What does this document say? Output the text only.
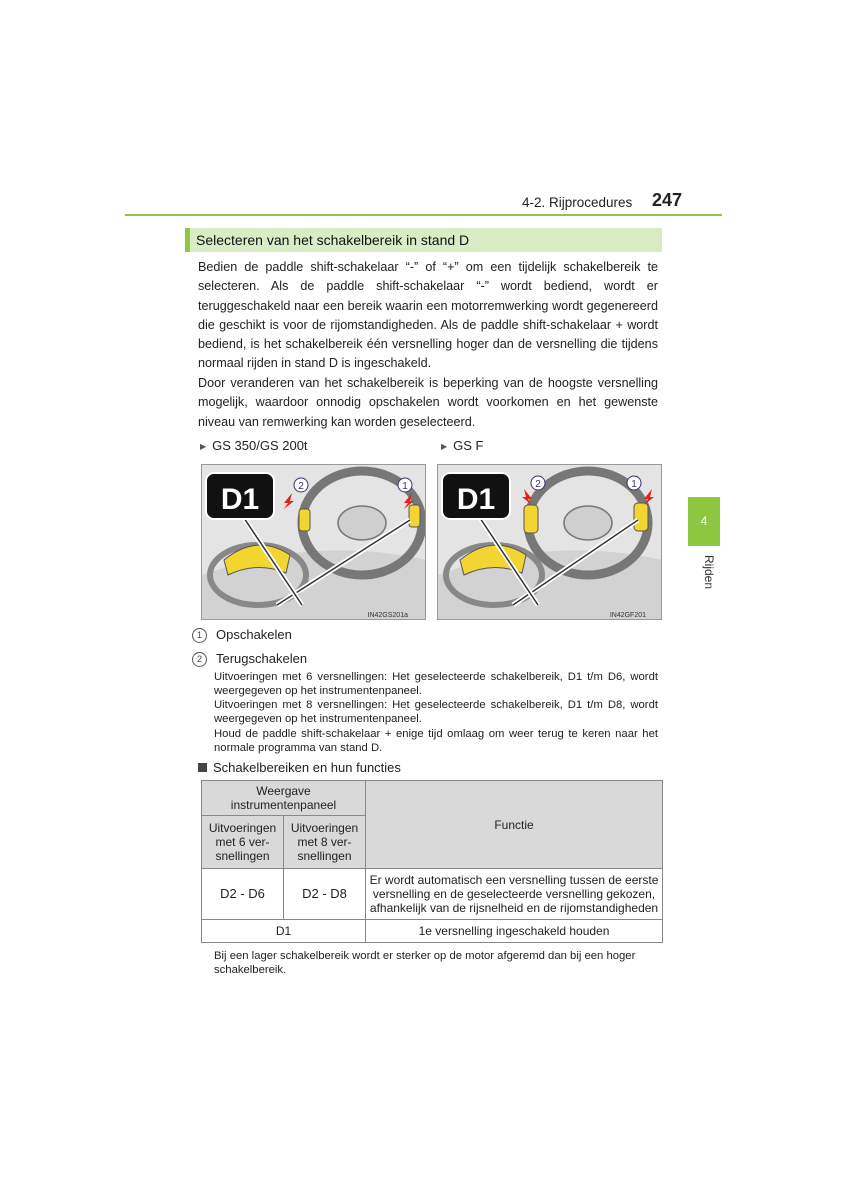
4-2. Rijprocedures 247
4
Rijden
Selecteren van het schakelbereik in stand D
Bedien de paddle shift-schakelaar “-” of “+” om een tijdelijk schakelbereik te selecteren. Als de paddle shift-schakelaar “-” wordt bediend, wordt er teruggeschakeld naar een bereik waarin een motorremwerking wordt gegenereerd die geschikt is voor de rijomstandigheden. Als de paddle shift-schakelaar + wordt bediend, is het schakelbereik één versnelling hoger dan de versnelling die tijdens normaal rijden in stand D is ingeschakeld.
Door veranderen van het schakelbereik is beperking van de hoogste versnelling mogelijk, waardoor onnodig opschakelen wordt voorkomen en het gewenste niveau van remwerking kan worden geselecteerd.
▶ GS 350/GS 200t	▶ GS F
2	1
D1
IN42GS201a
2	1
D1
IN42GF201
1 Opschakelen
2 Terugschakelen
Uitvoeringen met 6 versnellingen: Het geselecteerde schakelbereik, D1 t/m D6, wordt weergegeven op het instrumentenpaneel.
Uitvoeringen met 8 versnellingen: Het geselecteerde schakelbereik, D1 t/m D8, wordt weergegeven op het instrumentenpaneel.
Houd de paddle shift-schakelaar + enige tijd omlaag om weer terug te keren naar het normale programma van stand D.
Schakelbereiken en hun functies
Weergave instrumentenpaneel		Functie
Uitvoeringen met 6 ver-snellingen	Uitvoeringen met 8 ver-snellingen	
D2 - D6	D2 - D8	Er wordt automatisch een versnelling tussen de eerste versnelling en de geselecteerde versnelling gekozen, afhankelijk van de rijsnelheid en de rijomstandigheden
D1		1e versnelling ingeschakeld houden
Bij een lager schakelbereik wordt er sterker op de motor afgeremd dan bij een hoger schakelbereik.
